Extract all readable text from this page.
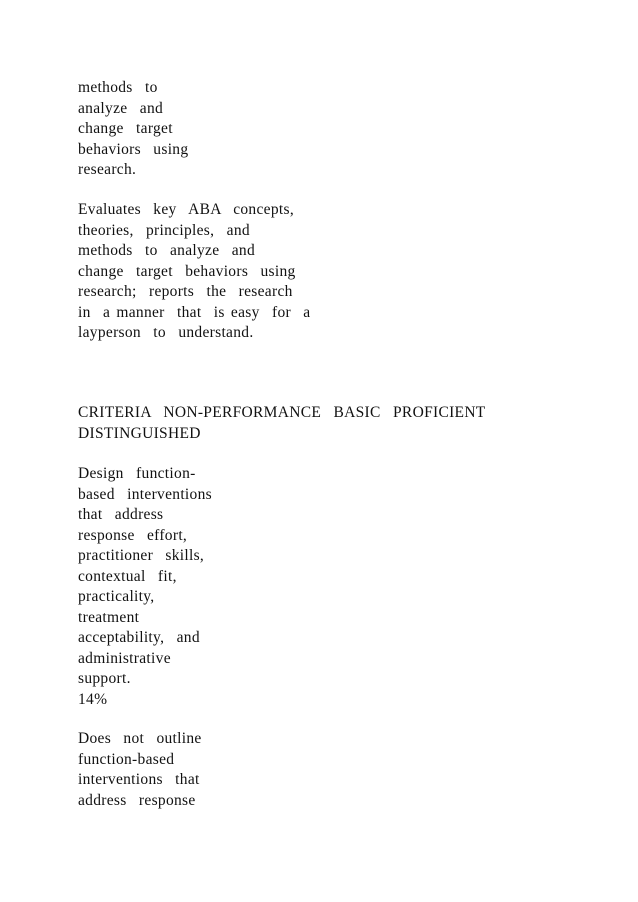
methods  to
analyze  and
change  target
behaviors  using
research.
Evaluates  key  ABA  concepts,
theories,  principles,  and
methods  to  analyze  and
change  target  behaviors  using
research;  reports  the  research
in  a manner  that  is easy  for  a
layperson  to  understand.
CRITERIA  NON-PERFORMANCE  BASIC  PROFICIENT
DISTINGUISHED
Design  function-
based  interventions
that  address
response  effort,
practitioner  skills,
contextual  fit,
practicality,
treatment
acceptability,  and
administrative
support.
14%
Does  not  outline
function-based
interventions  that
address  response
